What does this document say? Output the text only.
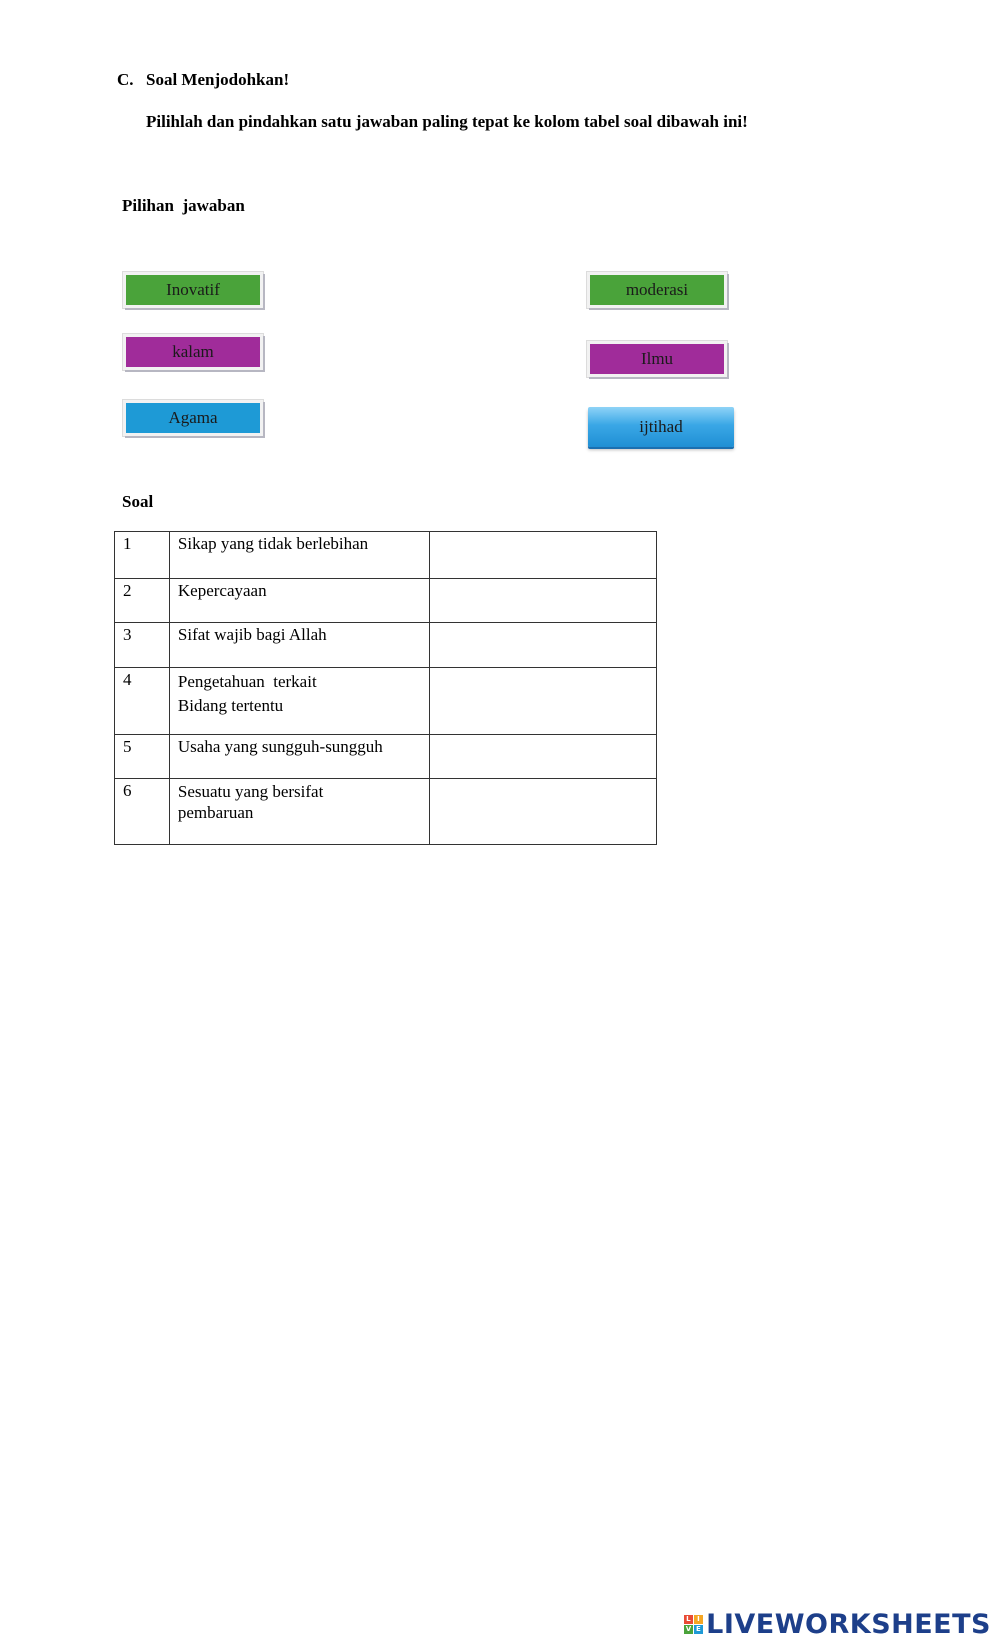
C. Soal Menjodohkan!
Pilihlah dan pindahkan satu jawaban paling tepat ke kolom tabel soal dibawah ini!
Pilihan  jawaban
Inovatif
kalam
Agama
moderasi
Ilmu
ijtihad
Soal
1	Sikap yang tidak berlebihan	

2	Kepercayaan	

3	Sifat wajib bagi Allah	

4	Pengetahuan  terkait
Bidang tertentu	

5	Usaha yang sungguh-sungguh	

6	Sesuatu yang bersifat
pembaruan	

L I
V E LIVEWORKSHEETS
